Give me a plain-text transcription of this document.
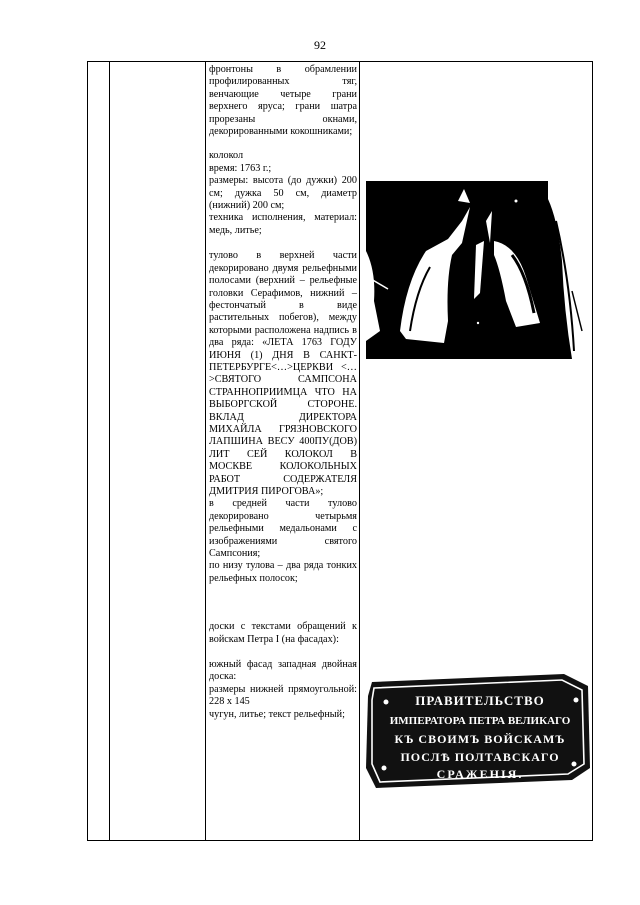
92

фронтоны в обрамлении профилированных тяг, венчающие четыре грани верхнего яруса; грани шатра прорезаны окнами, декорированными кокошниками;

колокол

время: 1763 г.;

размеры: высота (до дужки) 200 см; дужка 50 см, диаметр (нижний) 200 см;

техника исполнения, материал: медь, литье;

тулово в верхней части декорировано двумя рельефными полосами (верхний – рельефные головки Серафимов, нижний – фестончатый в виде растительных побегов), между которыми расположена надпись в два ряда: «ЛЕТА 1763 ГОДУ ИЮНЯ (1) ДНЯ В САНКТ-ПЕТЕРБУРГЕ<…>ЦЕРКВИ <…>СВЯТОГО САМПСОНА СТРАННОПРИИМЦА ЧТО НА ВЫБОРГСКОЙ СТОРОНЕ. ВКЛАД ДИРЕКТОРА МИХАЙЛА ГРЯЗНОВСКОГО ЛАПШИНА ВЕСУ 400ПУ(ДОВ) ЛИТ СЕЙ КОЛОКОЛ В МОСКВЕ КОЛОКОЛЬНЫХ РАБОТ СОДЕРЖАТЕЛЯ ДМИТРИЯ ПИРОГОВА»;

в средней части тулово декорировано четырьмя рельефными медальонами с изображениями святого Сампсония;

по низу тулова – два ряда тонких рельефных полосок;

доски с текстами обращений к войскам Петра I (на фасадах):

южный фасад западная двойная доска:

размеры нижней прямоугольной: 228 х 145

чугун, литье; текст рельефный;

ПРАВИТЕЛЬСТВО
ИМПЕРАТОРА ПЕТРА ВЕЛИКАГО
КЪ СВОИМЪ ВОЙСКАМЪ
ПОСЛѢ ПОЛТАВСКАГО
СРАЖЕНІЯ.
